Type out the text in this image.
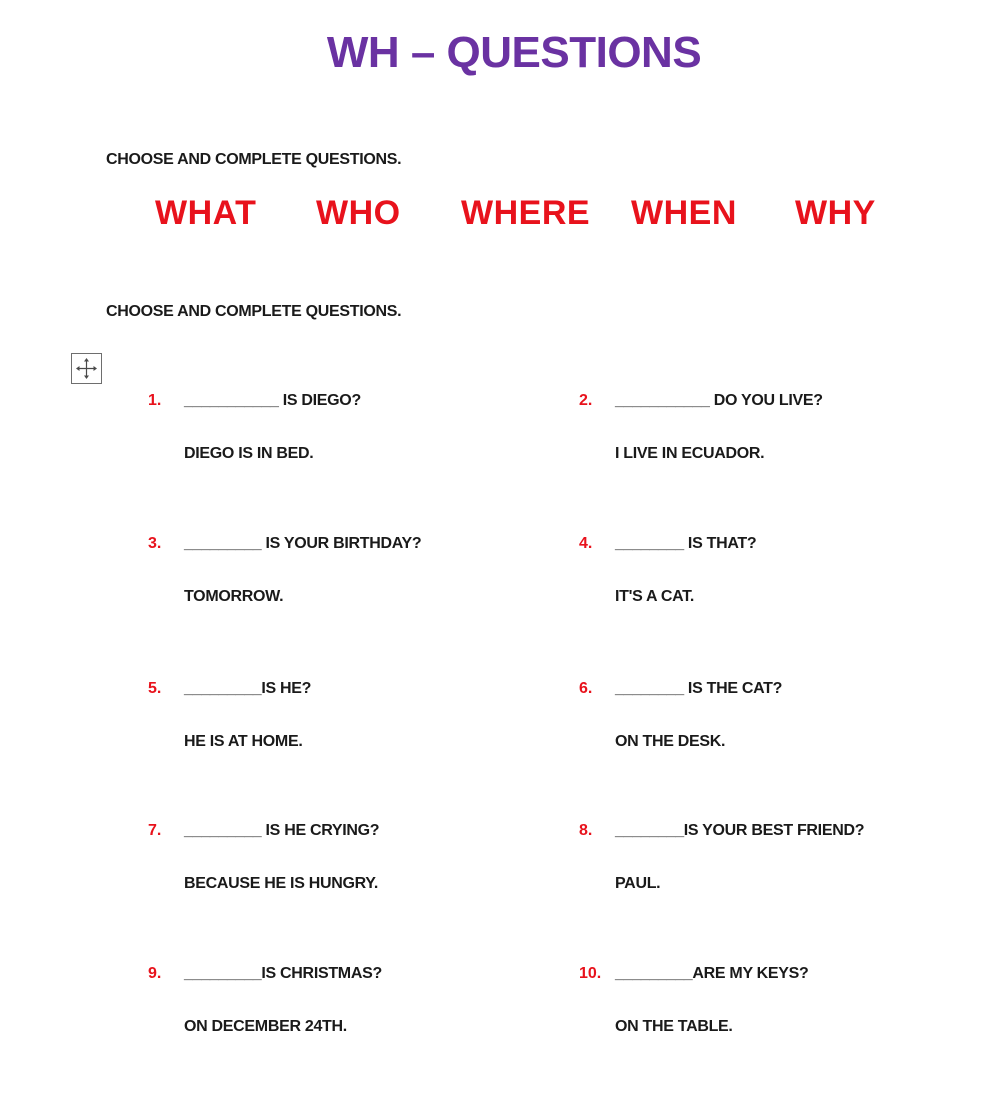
WH – QUESTIONS
CHOOSE AND COMPLETE QUESTIONS.
WHAT WHO WHERE WHEN WHY
CHOOSE AND COMPLETE QUESTIONS.
1. ___________ IS DIEGO?
DIEGO IS IN BED.
2. ___________ DO YOU LIVE?
I LIVE IN ECUADOR.
3. _________ IS YOUR BIRTHDAY?
TOMORROW.
4. ________ IS THAT?
IT'S A CAT.
5. _________IS HE?
HE IS AT HOME.
6. ________ IS THE CAT?
ON THE DESK.
7. _________ IS HE CRYING?
BECAUSE HE IS HUNGRY.
8. ________IS YOUR BEST FRIEND?
PAUL.
9. _________IS CHRISTMAS?
ON DECEMBER 24TH.
10. _________ARE MY KEYS?
ON THE TABLE.
